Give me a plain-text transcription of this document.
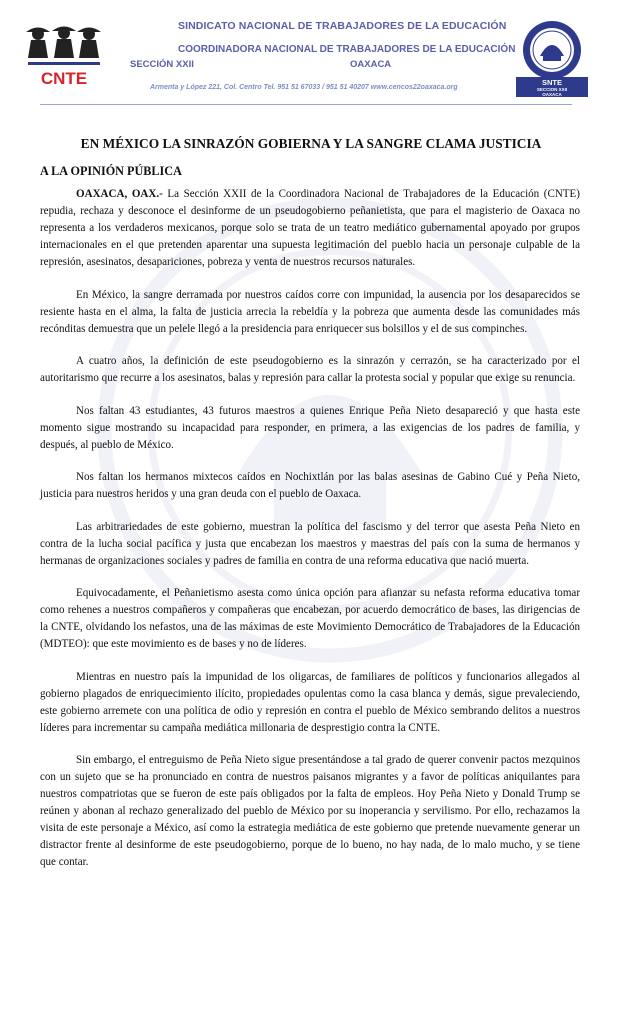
CNTE	SNTE
SECCION XXII
OAXACA
SINDICATO NACIONAL DE TRABAJADORES DE LA EDUCACIÓN
COORDINADORA NACIONAL DE TRABAJADORES DE LA EDUCACIÓN
SECCIÓN XXII	OAXACA
Armenta y López 221, Col. Centro Tel. 951 51 67033 / 951 51 40207 www.cencos22oaxaca.org
EN MÉXICO LA SINRAZÓN GOBIERNA Y LA SANGRE CLAMA JUSTICIA
A LA OPINIÓN PÚBLICA

OAXACA, OAX.- La Sección XXII de la Coordinadora Nacional de Trabajadores de la Educación (CNTE) repudia, rechaza y desconoce el desinforme de un pseudogobierno peñanietista, que para el magisterio de Oaxaca no representa a los verdaderos mexicanos, porque solo se trata de un teatro mediático gubernamental apoyado por grupos internacionales en el que pretenden aparentar una supuesta legitimación del pueblo hacia un personaje culpable de la represión, asesinatos, desapariciones, pobreza y venta de nuestros recursos naturales.

En México, la sangre derramada por nuestros caídos corre con impunidad, la ausencia por los desaparecidos se resiente hasta en el alma, la falta de justicia arrecia la rebeldía y la pobreza que aumenta desde las comunidades más recónditas demuestra que un pelele llegó a la presidencia para enriquecer sus bolsillos y el de sus compinches.

A cuatro años, la definición de este pseudogobierno es la sinrazón y cerrazón, se ha caracterizado por el autoritarismo que recurre a los asesinatos, balas y represión para callar la protesta social y popular que exige su renuncia.

Nos faltan 43 estudiantes, 43 futuros maestros a quienes Enrique Peña Nieto desapareció y que hasta este momento sigue mostrando su incapacidad para responder, en primera, a las exigencias de los padres de familia, y después, al pueblo de México.

Nos faltan los hermanos mixtecos caídos en Nochixtlán por las balas asesinas de Gabino Cué y Peña Nieto, justicia para nuestros heridos y una gran deuda con el pueblo de Oaxaca.

Las arbitrariedades de este gobierno, muestran la política del fascismo y del terror que asesta Peña Nieto en contra de la lucha social pacífica y justa que encabezan los maestros y maestras del país con la suma de hermanos y hermanas de organizaciones sociales y padres de familia en contra de una reforma educativa que nació muerta.

Equivocadamente, el Peñanietismo asesta como única opción para afianzar su nefasta reforma educativa tomar como rehenes a nuestros compañeros y compañeras que encabezan, por acuerdo democrático de bases, las dirigencias de la CNTE, olvidando los nefastos, una de las máximas de este Movimiento Democrático de Trabajadores de la Educación (MDTEO): que este movimiento es de bases y no de líderes.

Mientras en nuestro país la impunidad de los oligarcas, de familiares de políticos y funcionarios allegados al gobierno plagados de enriquecimiento ilícito, propiedades opulentas como la casa blanca y demás, sigue prevaleciendo, este gobierno arremete con una política de odio y represión en contra el pueblo de México sembrando delitos a nuestros líderes para incrementar su campaña mediática millonaria de desprestigio contra la CNTE.

Sin embargo, el entreguismo de Peña Nieto sigue presentándose a tal grado de querer convenir pactos mezquinos con un sujeto que se ha pronunciado en contra de nuestros paisanos migrantes y a favor de políticas aniquilantes para nuestros compatriotas que se fueron de este país obligados por la falta de empleos. Hoy Peña Nieto y Donald Trump se reúnen y abonan al rechazo generalizado del pueblo de México por su inoperancia y servilismo. Por ello, rechazamos la visita de este personaje a México, así como la estrategia mediática de este gobierno que pretende nuevamente generar un distractor frente al desinforme de este pseudogobierno, porque de lo bueno, no hay nada, de lo malo mucho, y se tiene que contar.
